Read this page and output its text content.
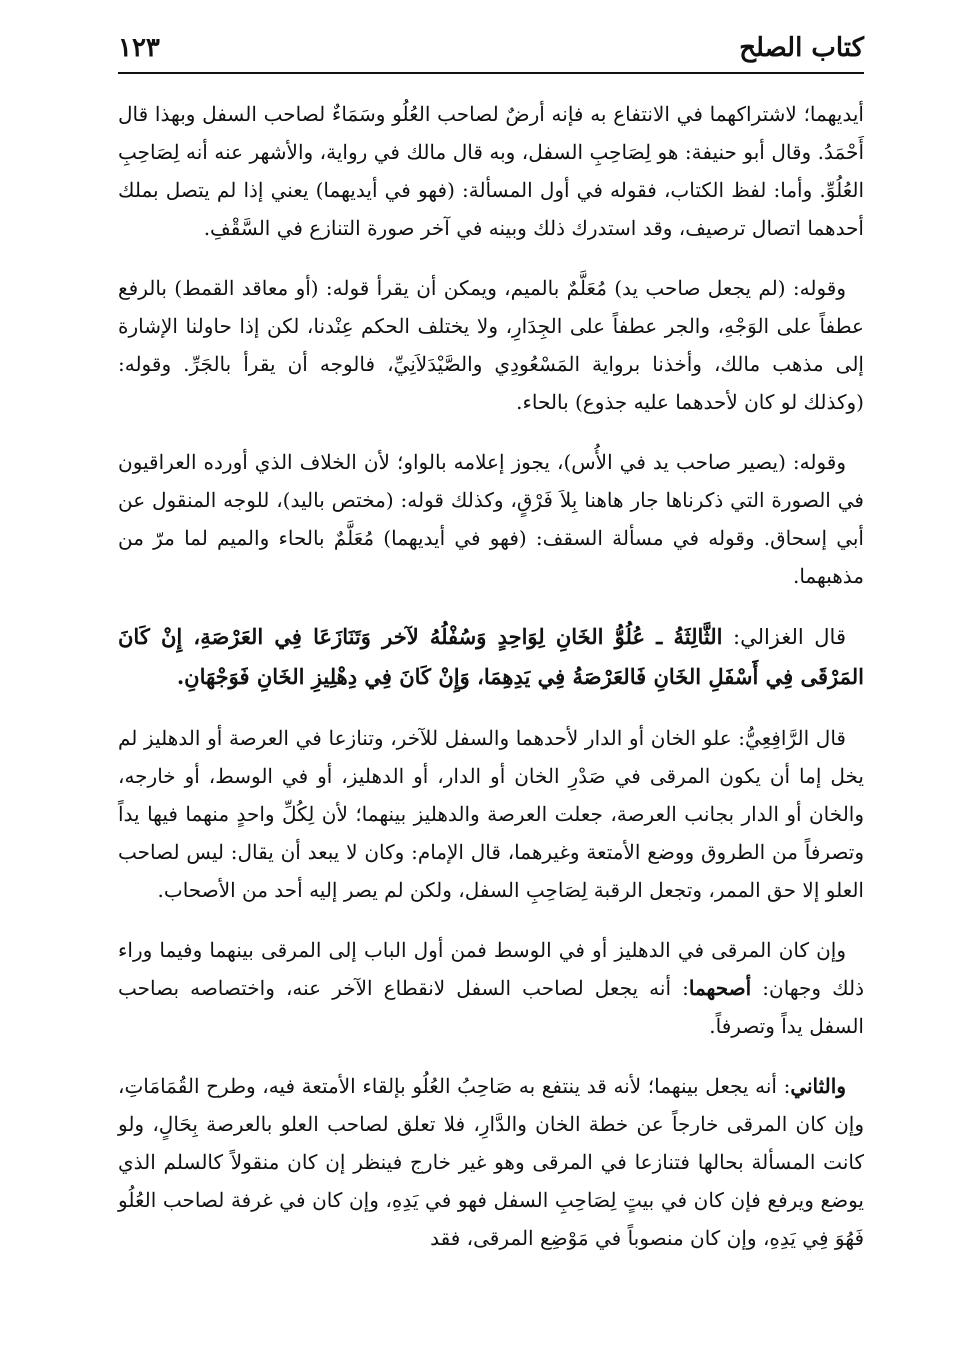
كتاب الصلح
١٢٣

أيديهما؛ لاشتراكهما في الانتفاع به فإنه أرضٌ لصاحب العُلُو وسَمَاءٌ لصاحب السفل وبهذا قال أَحْمَدُ. وقال أبو حنيفة: هو لِصَاحِبِ السفل، وبه قال مالك في رواية، والأشهر عنه أنه لِصَاحِبِ العُلُوِّ. وأما: لفظ الكتاب، فقوله في أول المسألة: (فهو في أيديهما) يعني إذا لم يتصل بملك أحدهما اتصال ترصيف، وقد استدرك ذلك وبينه في آخر صورة التنازع في السَّقْفِ.

وقوله: (لم يجعل صاحب يد) مُعَلَّمٌ بالميم، ويمكن أن يقرأ قوله: (أو معاقد القمط) بالرفع عطفاً على الوَجْهِ، والجر عطفاً على الجِدَارِ، ولا يختلف الحكم عِنْدنا، لكن إذا حاولنا الإشارة إلى مذهب مالك، وأخذنا برواية المَسْعُودِي والصَّيْدَلاَنِيِّ، فالوجه أن يقرأ بالجَرِّ. وقوله: (وكذلك لو كان لأحدهما عليه جذوع) بالحاء.

وقوله: (يصير صاحب يد في الأُس)، يجوز إعلامه بالواو؛ لأن الخلاف الذي أورده العراقيون في الصورة التي ذكرناها جار هاهنا بِلاَ فَرْقٍ، وكذلك قوله: (مختص باليد)، للوجه المنقول عن أبي إسحاق. وقوله في مسألة السقف: (فهو في أيديهما) مُعَلَّمٌ بالحاء والميم لما مرّ من مذهبهما.

قال الغزالي: الثَّالِثَةُ ـ عُلُوُّ الخَانِ لِوَاحِدٍ وَسُفْلُهُ لآخر وَتَنَازَعَا فِي العَرْصَةِ، إِنْ كَانَ المَرْقَى فِي أَسْفَلِ الخَانِ فَالعَرْصَةُ فِي يَدِهِمَا، وَإِنْ كَانَ فِي دِهْلِيزِ الخَانِ فَوَجْهَانِ.

قال الرَّافِعِيُّ: علو الخان أو الدار لأحدهما والسفل للآخر، وتنازعا في العرصة أو الدهليز لم يخل إما أن يكون المرقى في صَدْرِ الخان أو الدار، أو الدهليز، أو في الوسط، أو خارجه، والخان أو الدار بجانب العرصة، جعلت العرصة والدهليز بينهما؛ لأن لِكُلِّ واحدٍ منهما فيها يداً وتصرفاً من الطروق ووضع الأمتعة وغيرهما، قال الإمام: وكان لا يبعد أن يقال: ليس لصاحب العلو إلا حق الممر، وتجعل الرقبة لِصَاحِبِ السفل، ولكن لم يصر إليه أحد من الأصحاب.

وإن كان المرقى في الدهليز أو في الوسط فمن أول الباب إلى المرقى بينهما وفيما وراء ذلك وجهان: أصحهما: أنه يجعل لصاحب السفل لانقطاع الآخر عنه، واختصاصه بصاحب السفل يداً وتصرفاً.

والثاني: أنه يجعل بينهما؛ لأنه قد ينتفع به صَاحِبُ العُلُو بإلقاء الأمتعة فيه، وطرح القُمَامَاتِ، وإن كان المرقى خارجاً عن خطة الخان والدَّارِ، فلا تعلق لصاحب العلو بالعرصة بِحَالٍ، ولو كانت المسألة بحالها فتنازعا في المرقى وهو غير خارج فينظر إن كان منقولاً كالسلم الذي يوضع ويرفع فإن كان في بيتٍ لِصَاحِبِ السفل فهو في يَدِهِ، وإن كان في غرفة لصاحب العُلُو فَهُوَ فِي يَدِهِ، وإن كان منصوباً في مَوْضِع المرقى، فقد
